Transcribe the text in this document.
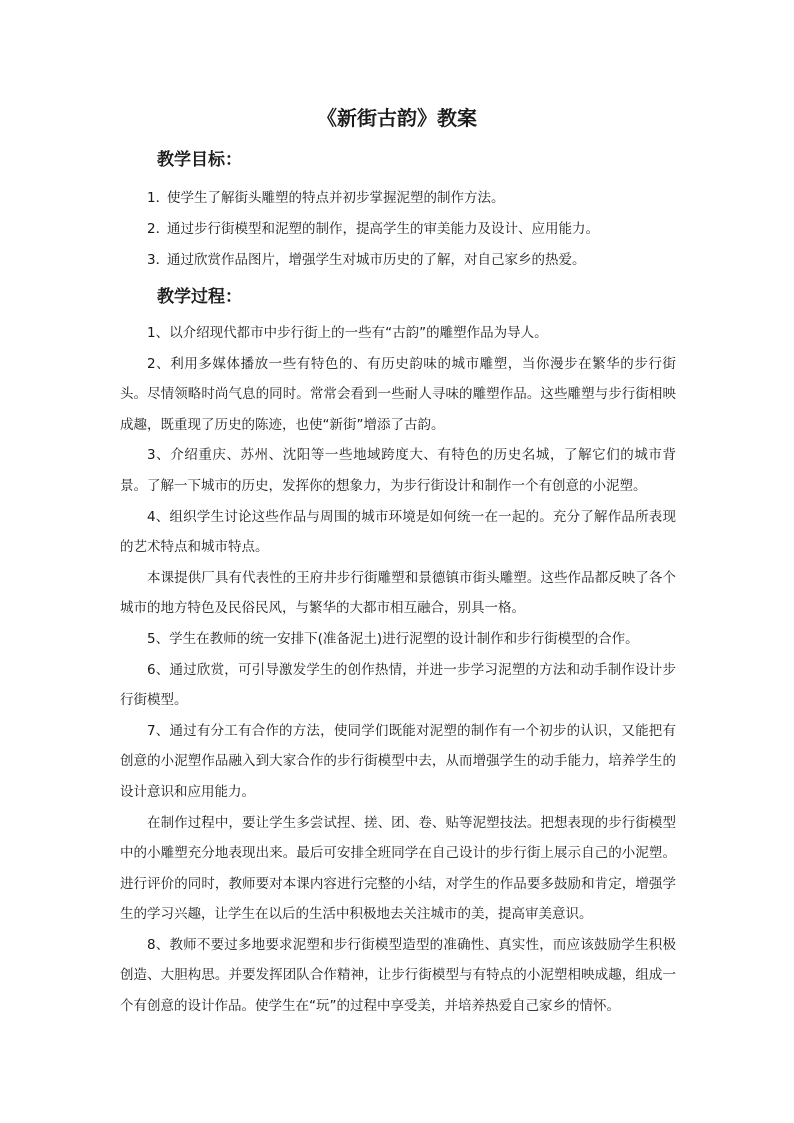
《新街古韵》教案
教学目标：
1．使学生了解街头雕塑的特点并初步掌握泥塑的制作方法。
2．通过步行街模型和泥塑的制作，提高学生的审美能力及设计、应用能力。
3．通过欣赏作品图片，增强学生对城市历史的了解，对自己家乡的热爱。
教学过程：

1、以介绍现代都市中步行街上的一些有“古韵”的雕塑作品为导人。

2、利用多媒体播放一些有特色的、有历史韵味的城市雕塑，当你漫步在繁华的步行街头。尽情领略时尚气息的同时。常常会看到一些耐人寻味的雕塑作品。这些雕塑与步行街相映成趣，既重现了历史的陈迹，也使“新街”增添了古韵。

3、介绍重庆、苏州、沈阳等一些地域跨度大、有特色的历史名城，了解它们的城市背景。了解一下城市的历史，发挥你的想象力，为步行街设计和制作一个有创意的小泥塑。

4、组织学生讨论这些作品与周围的城市环境是如何统一在一起的。充分了解作品所表现的艺术特点和城市特点。

本课提供厂具有代表性的王府井步行街雕塑和景德镇市街头雕塑。这些作品都反映了各个城市的地方特色及民俗民风，与繁华的大都市相互融合，别具一格。

5、学生在教师的统一安排下(准备泥土)进行泥塑的设计制作和步行街模型的合作。

6、通过欣赏，可引导激发学生的创作热情，并进一步学习泥塑的方法和动手制作设计步行街模型。

7、通过有分工有合作的方法，使同学们既能对泥塑的制作有一个初步的认识，又能把有创意的小泥塑作品融入到大家合作的步行街模型中去，从而增强学生的动手能力，培养学生的设计意识和应用能力。

在制作过程中，要让学生多尝试捏、搓、团、卷、贴等泥塑技法。把想表现的步行街模型中的小雕塑充分地表现出来。最后可安排全班同学在自己设计的步行街上展示自己的小泥塑。进行评价的同时，教师要对本课内容进行完整的小结，对学生的作品要多鼓励和肯定，增强学生的学习兴趣，让学生在以后的生活中积极地去关注城市的美，提高审美意识。

8、教师不要过多地要求泥塑和步行街模型造型的准确性、真实性，而应该鼓励学生积极创造、大胆构思。并要发挥团队合作精神，让步行街模型与有特点的小泥塑相映成趣，组成一个有创意的设计作品。使学生在“玩”的过程中享受美，并培养热爱自己家乡的情怀。
